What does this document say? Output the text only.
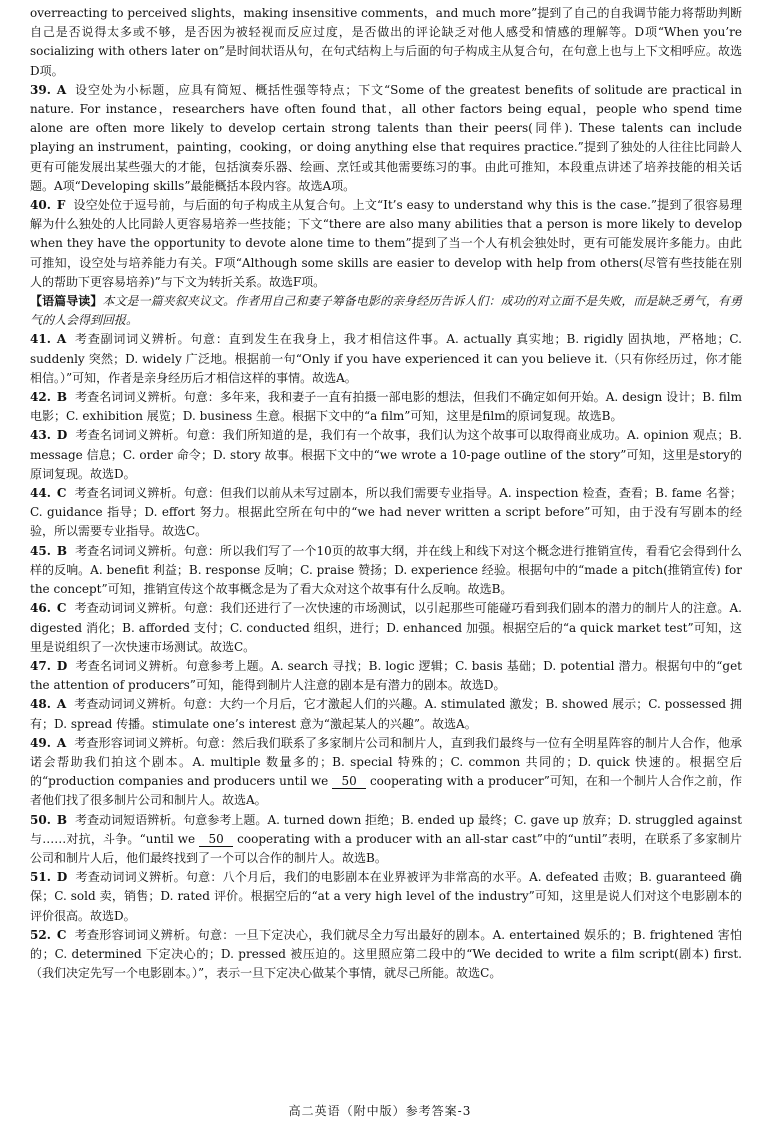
overreacting to perceived slights，making insensitive comments，and much more”提到了自己的自我调节能力将帮助判断自己是否说得太多或不够，是否因为被轻视而反应过度，是否做出的评论缺乏对他人感受和情感的理解等。D项“When you’re socializing with others later on”是时间状语从句，在句式结构上与后面的句子构成主从复合句，在句意上也与上下文相呼应。故选D项。

39. A 设空处为小标题，应具有简短、概括性强等特点；下文“Some of the greatest benefits of solitude are practical in nature. For instance，researchers have often found that，all other factors being equal，people who spend time alone are often more likely to develop certain strong talents than their peers(同伴). These talents can include playing an instrument，painting，cooking，or doing anything else that requires practice.”提到了独处的人往往比同龄人更有可能发展出某些强大的才能，包括演奏乐器、绘画、烹饪或其他需要练习的事。由此可推知，本段重点讲述了培养技能的相关话题。A项“Developing skills”最能概括本段内容。故选A项。

40. F 设空处位于逗号前，与后面的句子构成主从复合句。上文“It’s easy to understand why this is the case.”提到了很容易理解为什么独处的人比同龄人更容易培养一些技能；下文“there are also many abilities that a person is more likely to develop when they have the opportunity to devote alone time to them”提到了当一个人有机会独处时，更有可能发展许多能力。由此可推知，设空处与培养能力有关。F项“Although some skills are easier to develop with help from others(尽管有些技能在别人的帮助下更容易培养)”与下文为转折关系。故选F项。

【语篇导读】本文是一篇夹叙夹议文。作者用自己和妻子筹备电影的亲身经历告诉人们：成功的对立面不是失败，而是缺乏勇气，有勇气的人会得到回报。

41. A 考查副词词义辨析。句意：直到发生在我身上，我才相信这件事。A. actually 真实地；B. rigidly 固执地，严格地；C. suddenly 突然；D. widely 广泛地。根据前一句“Only if you have experienced it can you believe it.（只有你经历过，你才能相信。）”可知，作者是亲身经历后才相信这样的事情。故选A。

42. B 考查名词词义辨析。句意：多年来，我和妻子一直有拍摄一部电影的想法，但我们不确定如何开始。A. design 设计；B. film 电影；C. exhibition 展览；D. business 生意。根据下文中的“a film”可知，这里是film的原词复现。故选B。

43. D 考查名词词义辨析。句意：我们所知道的是，我们有一个故事，我们认为这个故事可以取得商业成功。A. opinion 观点；B. message 信息；C. order 命令；D. story 故事。根据下文中的“we wrote a 10-page outline of the story”可知，这里是story的原词复现。故选D。

44. C 考查名词词义辨析。句意：但我们以前从未写过剧本，所以我们需要专业指导。A. inspection 检查，查看；B. fame 名誉；C. guidance 指导；D. effort 努力。根据此空所在句中的“we had never written a script before”可知，由于没有写剧本的经验，所以需要专业指导。故选C。

45. B 考查名词词义辨析。句意：所以我们写了一个10页的故事大纲，并在线上和线下对这个概念进行推销宣传，看看它会得到什么样的反响。A. benefit 利益；B. response 反响；C. praise 赞扬；D. experience 经验。根据句中的“made a pitch(推销宣传) for the concept”可知，推销宣传这个故事概念是为了看大众对这个故事有什么反响。故选B。

46. C 考查动词词义辨析。句意：我们还进行了一次快速的市场测试，以引起那些可能碰巧看到我们剧本的潜力的制片人的注意。A. digested 消化；B. afforded 支付；C. conducted 组织，进行；D. enhanced 加强。根据空后的“a quick market test”可知，这里是说组织了一次快速市场测试。故选C。

47. D 考查名词词义辨析。句意参考上题。A. search 寻找；B. logic 逻辑；C. basis 基础；D. potential 潜力。根据句中的“get the attention of producers”可知，能得到制片人注意的剧本是有潜力的剧本。故选D。

48. A 考查动词词义辨析。句意：大约一个月后，它才激起人们的兴趣。A. stimulated 激发；B. showed 展示；C. possessed 拥有；D. spread 传播。stimulate one’s interest 意为“激起某人的兴趣”。故选A。

49. A 考查形容词词义辨析。句意：然后我们联系了多家制片公司和制片人，直到我们最终与一位有全明星阵容的制片人合作，他承诺会帮助我们拍这个剧本。A. multiple 数量多的；B. special 特殊的；C. common 共同的；D. quick 快速的。根据空后的“production companies and producers until we 50 cooperating with a producer”可知，在和一个制片人合作之前，作者他们找了很多制片公司和制片人。故选A。

50. B 考查动词短语辨析。句意参考上题。A. turned down 拒绝；B. ended up 最终；C. gave up 放弃；D. struggled against 与……对抗，斗争。“until we 50 cooperating with a producer with an all-star cast”中的“until”表明，在联系了多家制片公司和制片人后，他们最终找到了一个可以合作的制片人。故选B。

51. D 考查动词词义辨析。句意：八个月后，我们的电影剧本在业界被评为非常高的水平。A. defeated 击败；B. guaranteed 确保；C. sold 卖，销售；D. rated 评价。根据空后的“at a very high level of the industry”可知，这里是说人们对这个电影剧本的评价很高。故选D。

52. C 考查形容词词义辨析。句意：一旦下定决心，我们就尽全力写出最好的剧本。A. entertained 娱乐的；B. frightened 害怕的；C. determined 下定决心的；D. pressed 被压迫的。这里照应第二段中的“We decided to write a film script(剧本) first.（我们决定先写一个电影剧本。）”，表示一旦下定决心做某个事情，就尽己所能。故选C。

高二英语（附中版）参考答案-3
